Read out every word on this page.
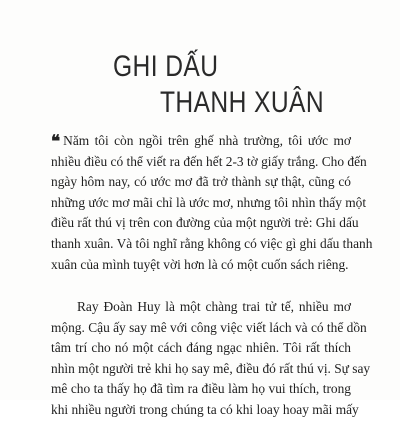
GHI DẤU
THANH XUÂN
❝ Năm tôi còn ngồi trên ghế nhà trường, tôi ước mơ
nhiều điều có thể viết ra đến hết 2-3 tờ giấy trắng. Cho đến
ngày hôm nay, có ước mơ đã trở thành sự thật, cũng có
những ước mơ mãi chỉ là ước mơ, nhưng tôi nhìn thấy một
điều rất thú vị trên con đường của một người trẻ: Ghi dấu
thanh xuân. Và tôi nghĩ rằng không có việc gì ghi dấu thanh
xuân của mình tuyệt vời hơn là có một cuốn sách riêng.
Ray Đoàn Huy là một chàng trai tử tế, nhiều mơ
mộng. Cậu ấy say mê với công việc viết lách và có thể dồn
tâm trí cho nó một cách đáng ngạc nhiên. Tôi rất thích
nhìn một người trẻ khi họ say mê, điều đó rất thú vị. Sự say
mê cho ta thấy họ đã tìm ra điều làm họ vui thích, trong
khi nhiều người trong chúng ta có khi loay hoay mãi mấy
